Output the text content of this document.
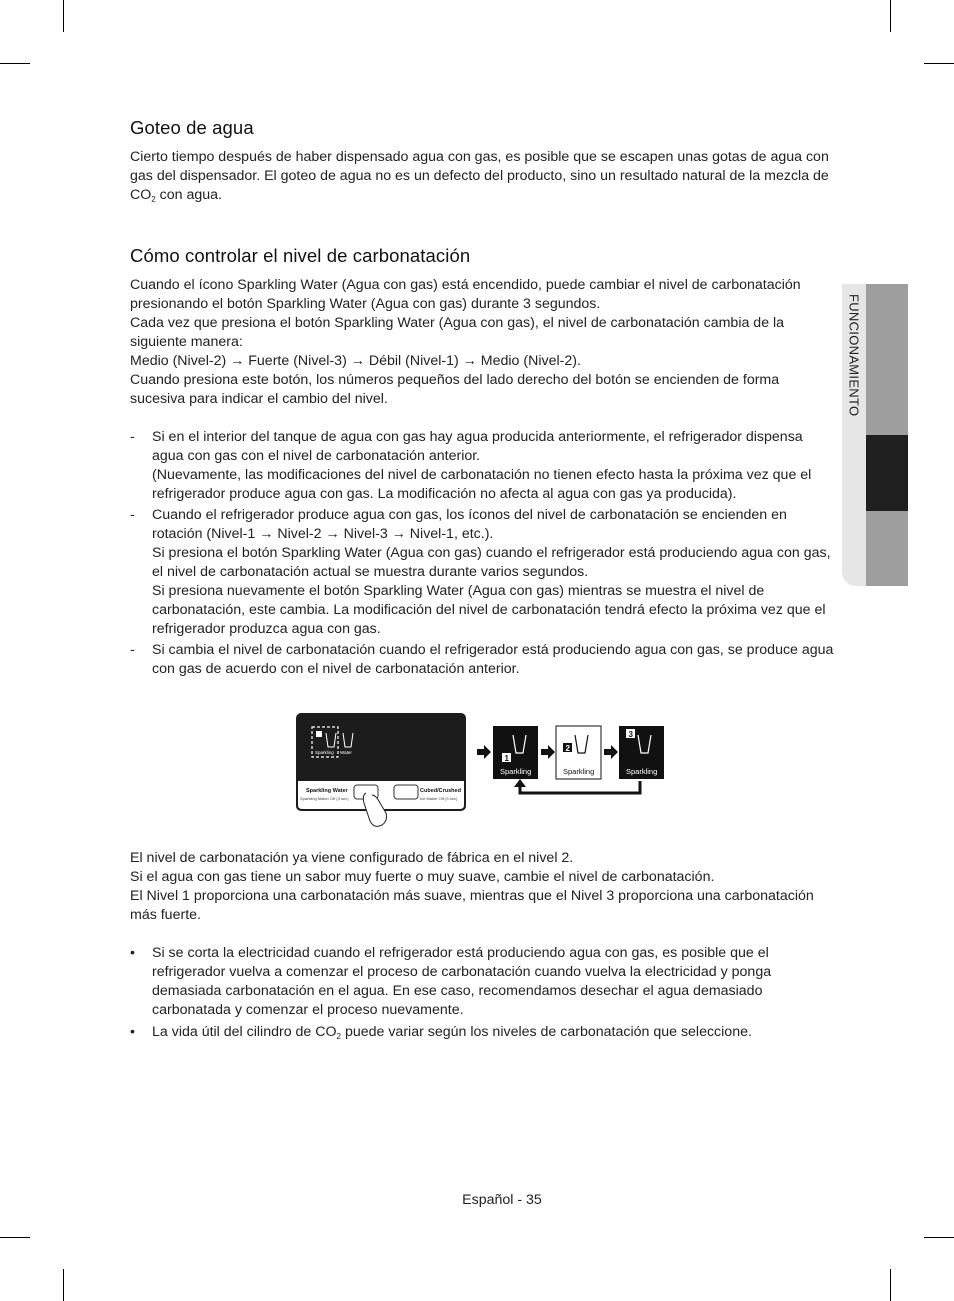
FUNCIONAMIENTO
Goteo de agua

Cierto tiempo después de haber dispensado agua con gas, es posible que se escapen unas gotas de agua con gas del dispensador. El goteo de agua no es un defecto del producto, sino un resultado natural de la mezcla de $CO_2$ con agua.

Cómo controlar el nivel de carbonatación

Cuando el ícono Sparkling Water (Agua con gas) está encendido, puede cambiar el nivel de carbonatación presionando el botón Sparkling Water (Agua con gas) durante 3 segundos.

Cada vez que presiona el botón Sparkling Water (Agua con gas), el nivel de carbonatación cambia de la siguiente manera:

Medio (Nivel-2) → Fuerte (Nivel-3) → Débil (Nivel-1) → Medio (Nivel-2).

Cuando presiona este botón, los números pequeños del lado derecho del botón se encienden de forma sucesiva para indicar el cambio del nivel.

- Si en el interior del tanque de agua con gas hay agua producida anteriormente, el refrigerador dispensa agua con gas con el nivel de carbonatación anterior.

(Nuevamente, las modificaciones del nivel de carbonatación no tienen efecto hasta la próxima vez que el refrigerador produce agua con gas. La modificación no afecta al agua con gas ya producida).

- Cuando el refrigerador produce agua con gas, los íconos del nivel de carbonatación se encienden en rotación (Nivel-1 → Nivel-2 → Nivel-3 → Nivel-1, etc.).

Si presiona el botón Sparkling Water (Agua con gas) cuando el refrigerador está produciendo agua con gas, el nivel de carbonatación actual se muestra durante varios segundos.

Si presiona nuevamente el botón Sparkling Water (Agua con gas) mientras se muestra el nivel de carbonatación, este cambia. La modificación del nivel de carbonatación tendrá efecto la próxima vez que el refrigerador produzca agua con gas.

- Si cambia el nivel de carbonatación cuando el refrigerador está produciendo agua con gas, se produce agua con gas de acuerdo con el nivel de carbonatación anterior.

Sparkling Water
Sparkling Water
Sparkling Maker Off (3 sec)
Cubed/Crushed
Ice Maker Off (3 sec)
1
Sparkling
2
Sparkling
3
Sparkling

El nivel de carbonatación ya viene configurado de fábrica en el nivel 2.

Si el agua con gas tiene un sabor muy fuerte o muy suave, cambie el nivel de carbonatación.

El Nivel 1 proporciona una carbonatación más suave, mientras que el Nivel 3 proporciona una carbonatación más fuerte.

• Si se corta la electricidad cuando el refrigerador está produciendo agua con gas, es posible que el refrigerador vuelva a comenzar el proceso de carbonatación cuando vuelva la electricidad y ponga demasiada carbonatación en el agua. En ese caso, recomendamos desechar el agua demasiado carbonatada y comenzar el proceso nuevamente.
• La vida útil del cilindro de $CO_2$ puede variar según los niveles de carbonatación que seleccione.
Español - 35
